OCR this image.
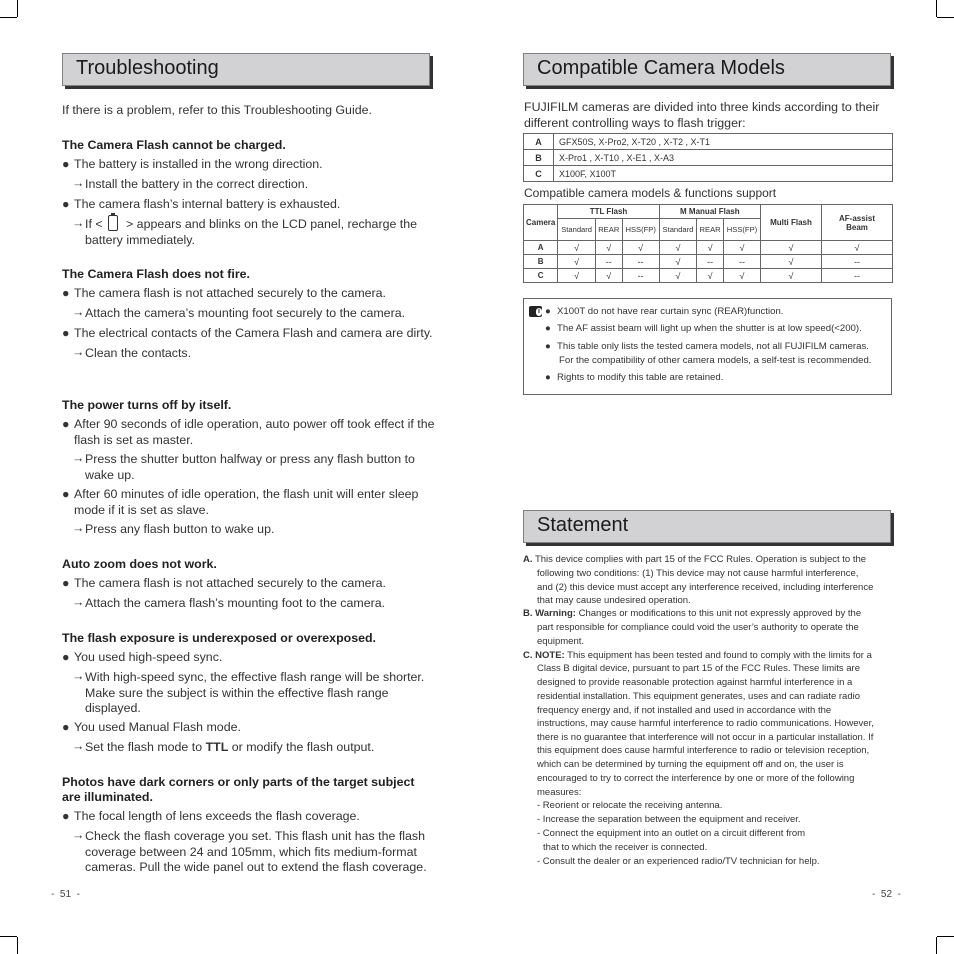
Troubleshooting
If there is a problem, refer to this Troubleshooting Guide.
The Camera Flash cannot be charged.
● The battery is installed in the wrong direction.
→ Install the battery in the correct direction.
● The camera flash’s internal battery is exhausted.
→ If < > appears and blinks on the LCD panel, recharge the
battery immediately.
The Camera Flash does not fire.
● The camera flash is not attached securely to the camera.
→ Attach the camera’s mounting foot securely to the camera.
● The electrical contacts of the Camera Flash and camera are dirty.
→ Clean the contacts.
The power turns off by itself.
● After 90 seconds of idle operation, auto power off took effect if the
flash is set as master.
→ Press the shutter button halfway or press any flash button to
wake up.
● After 60 minutes of idle operation, the flash unit will enter sleep
mode if it is set as slave.
→ Press any flash button to wake up.
Auto zoom does not work.
● The camera flash is not attached securely to the camera.
→ Attach the camera flash’s mounting foot to the camera.
The flash exposure is underexposed or overexposed.
● You used high-speed sync.
→ With high-speed sync, the effective flash range will be shorter.
Make sure the subject is within the effective flash range
displayed.
● You used Manual Flash mode.
→ Set the flash mode to TTL or modify the flash output.
Photos have dark corners or only parts of the target subject
are illuminated.
● The focal length of lens exceeds the flash coverage.
→ Check the flash coverage you set. This flash unit has the flash
coverage between 24 and 105mm, which fits medium-format
cameras. Pull the wide panel out to extend the flash coverage.
-  51  -
Compatible Camera Models
FUJIFILM cameras are divided into three kinds according to their
different controlling ways to flash trigger:
A	GFX50S, X-Pro2, X-T20 , X-T2 , X-T1
B	X-Pro1 , X-T10 , X-E1 , X-A3
C	X100F, X100T
Compatible camera models & functions support
Camera	TTL Flash			M Manual Flash			Multi Flash	AF-assist Beam
	Standard	REAR	HSS(FP)	Standard	REAR	HSS(FP)		
A	√	√	√	√	√	√	√	√
B	√	--	--	√	--	--	√	--
C	√	√	--	√	√	√	√	--
i ● X100T do not have rear curtain sync (REAR)function.
● The AF assist beam will light up when the shutter is at low speed(<200).
● This table only lists the tested camera models, not all FUJIFILM cameras.
For the compatibility of other camera models, a self-test is recommended.
● Rights to modify this table are retained.
Statement
A. This device complies with part 15 of the FCC Rules. Operation is subject to the
following two conditions: (1) This device may not cause harmful interference,
and (2) this device must accept any interference received, including interference
that may cause undesired operation.
B. Warning: Changes or modifications to this unit not expressly approved by the
part responsible for compliance could void the user’s authority to operate the
equipment.
C. NOTE: This equipment has been tested and found to comply with the limits for a
Class B digital device, pursuant to part 15 of the FCC Rules. These limits are
designed to provide reasonable protection against harmful interference in a
residential installation. This equipment generates, uses and can radiate radio
frequency energy and, if not installed and used in accordance with the
instructions, may cause harmful interference to radio communications. However,
there is no guarantee that interference will not occur in a particular installation. If
this equipment does cause harmful interference to radio or television reception,
which can be determined by turning the equipment off and on, the user is
encouraged to try to correct the interference by one or more of the following
measures:
- Reorient or relocate the receiving antenna.
- Increase the separation between the equipment and receiver.
- Connect the equipment into an outlet on a circuit different from
that to which the receiver is connected.
- Consult the dealer or an experienced radio/TV technician for help.
-  52  -
